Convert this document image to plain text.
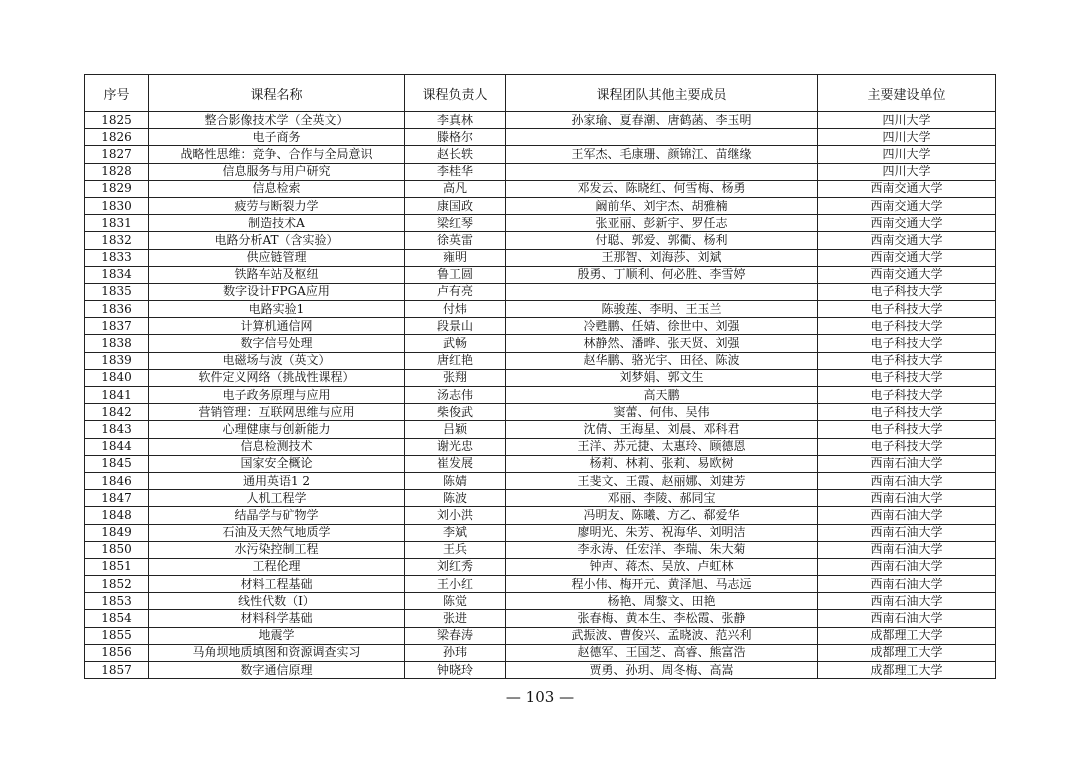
序号	课程名称	课程负责人	课程团队其他主要成员	主要建设单位
1825	整合影像技术学（全英文）	李真林	孙家瑜、夏春潮、唐鹤菡、李玉明	四川大学
1826	电子商务	滕格尔		四川大学
1827	战略性思维：竞争、合作与全局意识	赵长轶	王军杰、毛康珊、颜锦江、苗继缘	四川大学
1828	信息服务与用户研究	李桂华		四川大学
1829	信息检索	高凡	邓发云、陈晓红、何雪梅、杨勇	西南交通大学
1830	疲劳与断裂力学	康国政	阚前华、刘宇杰、胡雅楠	西南交通大学
1831	制造技术A	梁红琴	张亚丽、彭新宇、罗任志	西南交通大学
1832	电路分析AT（含实验）	徐英雷	付聪、郭爱、郭衢、杨利	西南交通大学
1833	供应链管理	雍明	王那智、刘海莎、刘斌	西南交通大学
1834	铁路车站及枢纽	鲁工圆	殷勇、丁顺利、何必胜、李雪婷	西南交通大学
1835	数字设计FPGA应用	卢有亮		电子科技大学
1836	电路实验1	付炜	陈骏莲、李明、王玉兰	电子科技大学
1837	计算机通信网	段景山	冷甦鹏、任婧、徐世中、刘强	电子科技大学
1838	数字信号处理	武畅	林静然、潘晔、张天贤、刘强	电子科技大学
1839	电磁场与波（英文）	唐红艳	赵华鹏、骆光宇、田径、陈波	电子科技大学
1840	软件定义网络（挑战性课程）	张翔	刘梦娟、郭文生	电子科技大学
1841	电子政务原理与应用	汤志伟	高天鹏	电子科技大学
1842	营销管理：互联网思维与应用	柴俊武	窦蕾、何伟、吴伟	电子科技大学
1843	心理健康与创新能力	吕颖	沈倩、王海星、刘晨、邓科君	电子科技大学
1844	信息检测技术	谢光忠	王洋、苏元捷、太惠玲、顾德恩	电子科技大学
1845	国家安全概论	崔发展	杨莉、林莉、张莉、易欧树	西南石油大学
1846	通用英语1 2	陈婧	王斐文、王霞、赵丽娜、刘建芳	西南石油大学
1847	人机工程学	陈波	邓丽、李陵、郝同宝	西南石油大学
1848	结晶学与矿物学	刘小洪	冯明友、陈曦、方乙、郗爱华	西南石油大学
1849	石油及天然气地质学	李斌	廖明光、朱芳、祝海华、刘明洁	西南石油大学
1850	水污染控制工程	王兵	李永涛、任宏洋、李瑞、朱大菊	西南石油大学
1851	工程伦理	刘红秀	钟声、蒋杰、吴放、卢虹林	西南石油大学
1852	材料工程基础	王小红	程小伟、梅开元、黄泽旭、马志远	西南石油大学
1853	线性代数（I）	陈觉	杨艳、周黎文、田艳	西南石油大学
1854	材料科学基础	张进	张春梅、黄本生、李松霞、张静	西南石油大学
1855	地震学	梁春涛	武振波、曹俊兴、孟晓波、范兴利	成都理工大学
1856	马角坝地质填图和资源调查实习	孙玮	赵德军、王国芝、高睿、熊富浩	成都理工大学
1857	数字通信原理	钟晓玲	贾勇、孙玥、周冬梅、高嵩	成都理工大学
— 103 —
